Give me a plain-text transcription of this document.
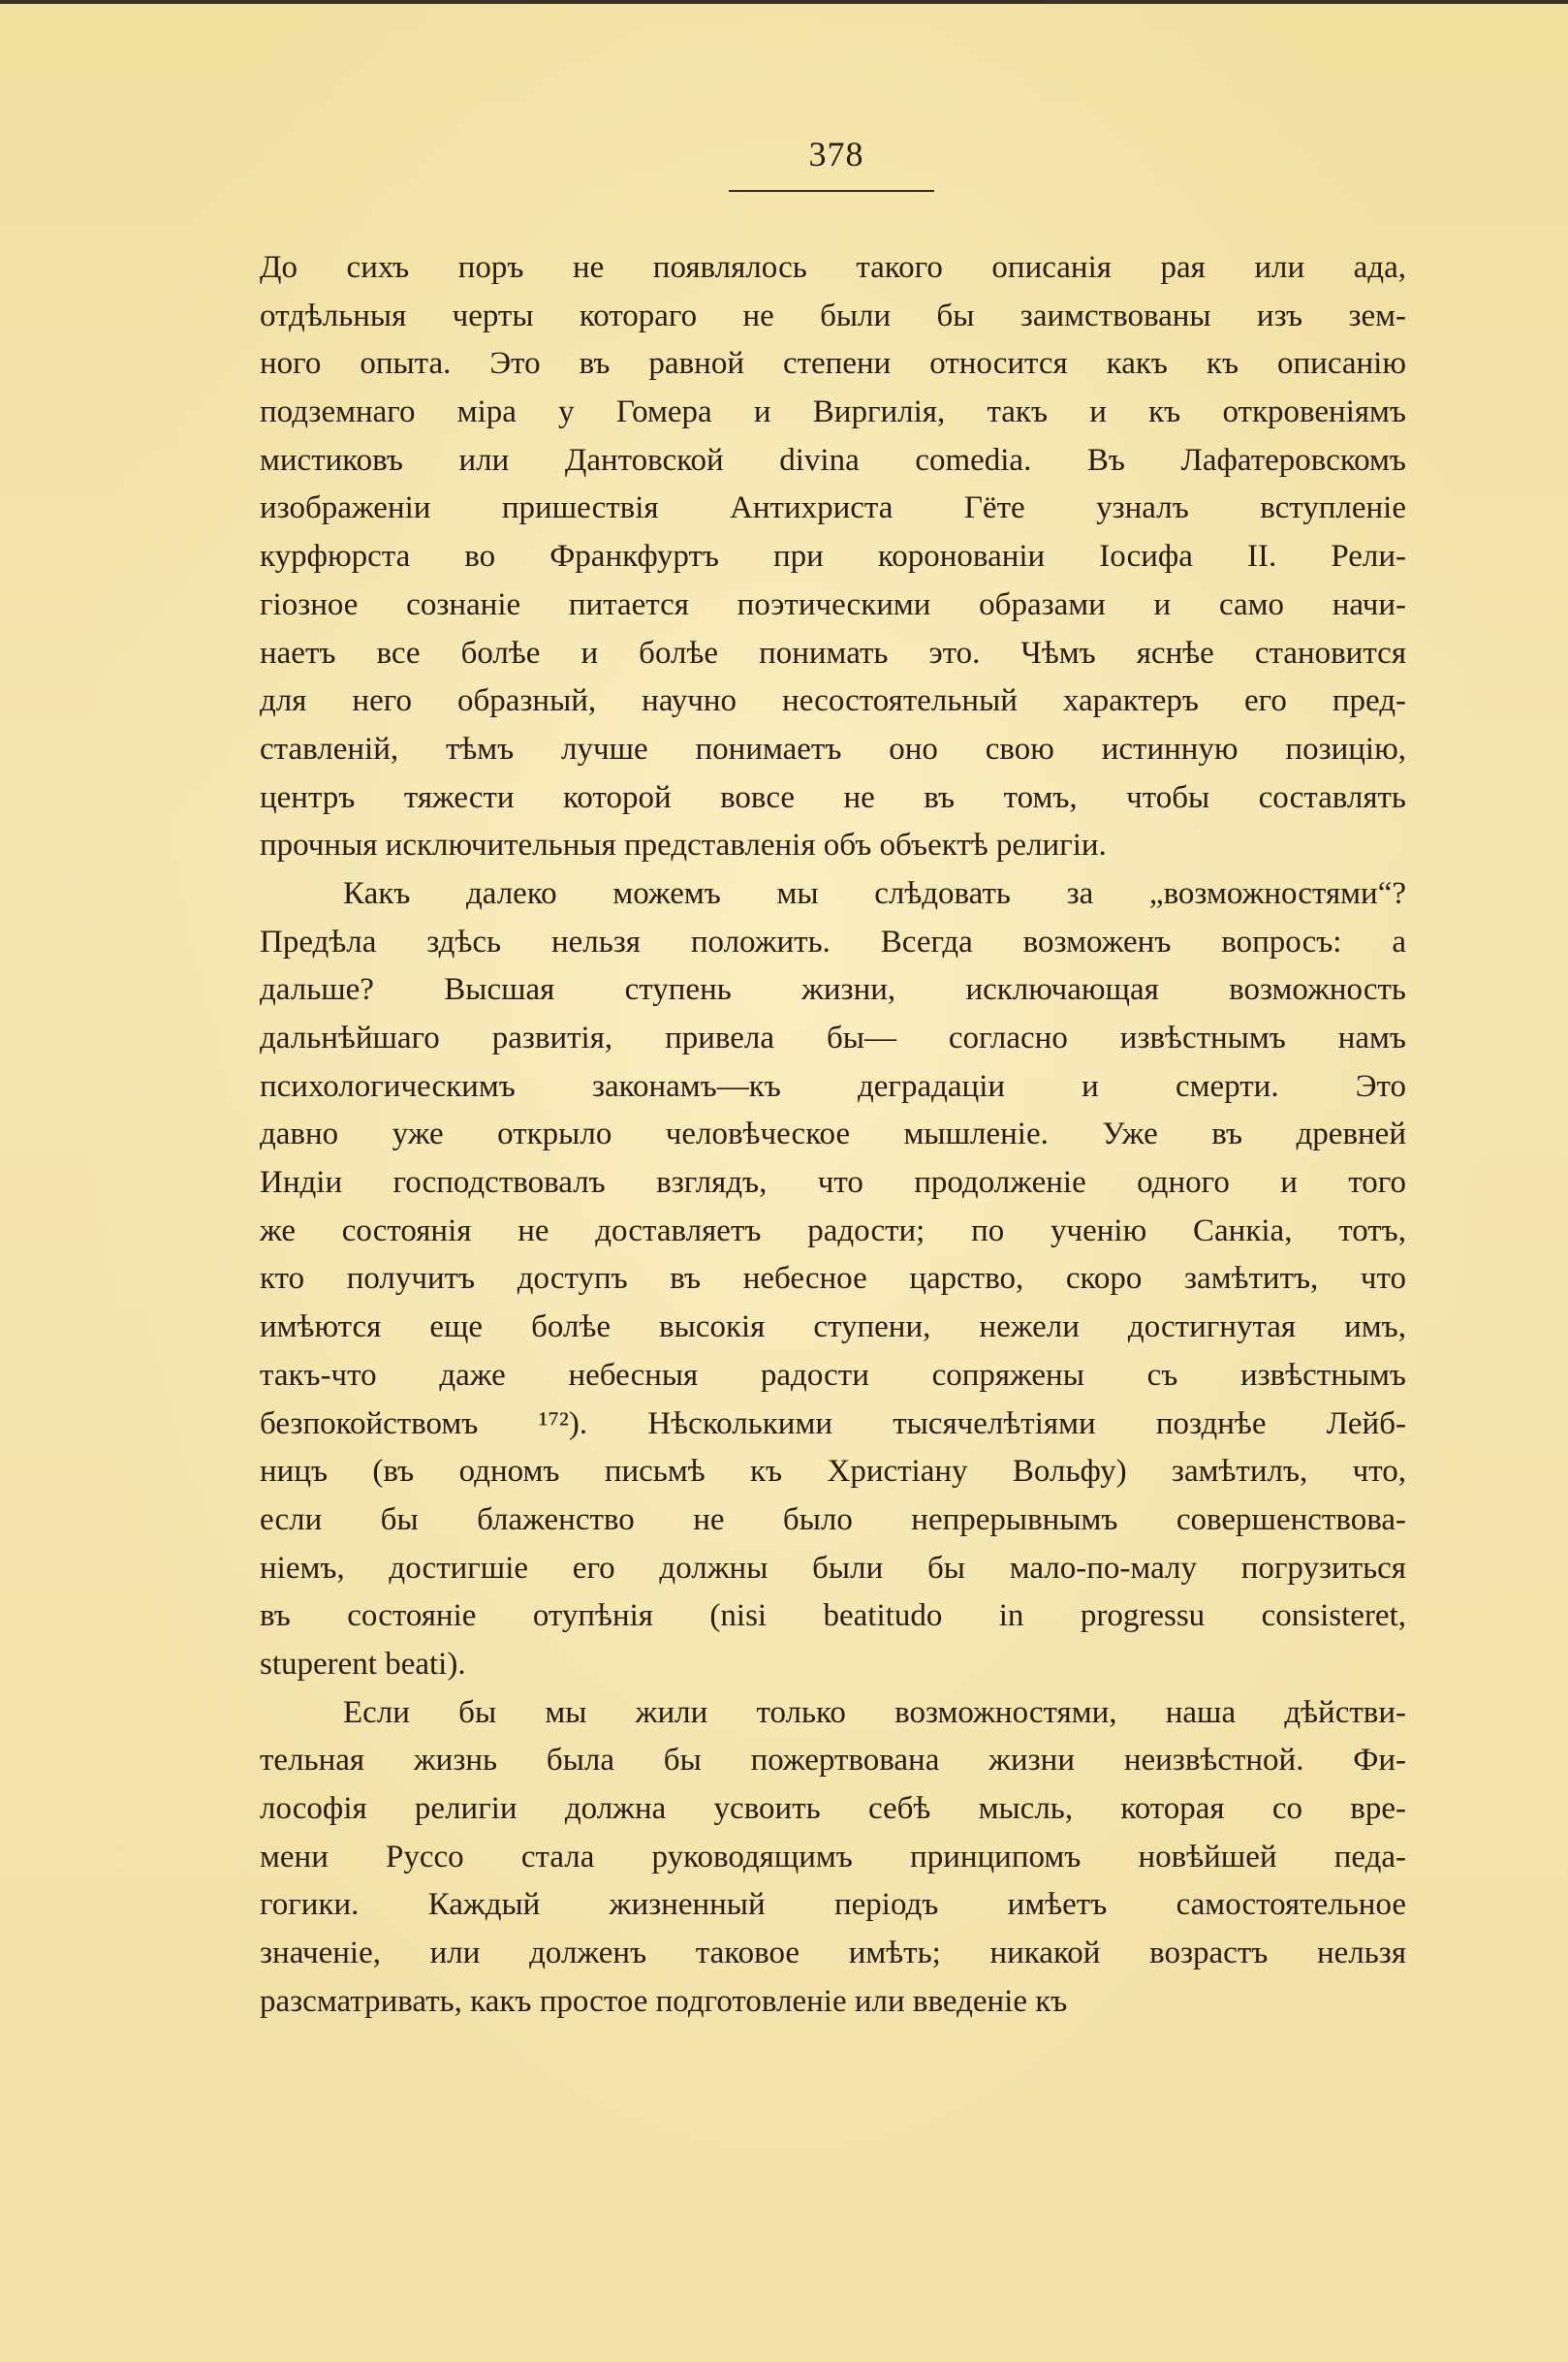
378
До сихъ поръ не появлялось такого описанія рая или ада,
отдѣльныя черты котораго не были бы заимствованы изъ зем-
ного опыта. Это въ равной степени относится какъ къ описанію
подземнаго міра у Гомера и Виргилія, такъ и къ откровеніямъ
мистиковъ или Дантовской divina comedia. Въ Лафатеровскомъ
изображеніи пришествія Антихриста Гёте узналъ вступленіе
курфюрста во Франкфуртъ при коронованіи Іосифа II. Рели-
гіозное сознаніе питается поэтическими образами и само начи-
наетъ все болѣе и болѣе понимать это. Чѣмъ яснѣе становится
для него образный, научно несостоятельный характеръ его пред-
ставленій, тѣмъ лучше понимаетъ оно свою истинную позицію,
центръ тяжести которой вовсе не въ томъ, чтобы составлять
прочныя исключительныя представленія объ объектѣ религіи.
Какъ далеко можемъ мы слѣдовать за „возможностями“?
Предѣла здѣсь нельзя положить. Всегда возможенъ вопросъ: а
дальше? Высшая ступень жизни, исключающая возможность
дальнѣйшаго развитія, привела бы— согласно извѣстнымъ намъ
психологическимъ законамъ—къ деградаціи и смерти. Это
давно уже открыло человѣческое мышленіе. Уже въ древней
Индіи господствовалъ взглядъ, что продолженіе одного и того
же состоянія не доставляетъ радости; по ученію Санкіа, тотъ,
кто получитъ доступъ въ небесное царство, скоро замѣтитъ, что
имѣются еще болѣе высокія ступени, нежели достигнутая имъ,
такъ-что даже небесныя радости сопряжены съ извѣстнымъ
безпокойствомъ ¹⁷²). Нѣсколькими тысячелѣтіями позднѣе Лейб-
ницъ (въ одномъ письмѣ къ Христіану Вольфу) замѣтилъ, что,
если бы блаженство не было непрерывнымъ совершенствова-
ніемъ, достигшіе его должны были бы мало-по-малу погрузиться
въ состояніе отупѣнія (nisi beatitudo in progressu consisteret,
stuperent beati).
Если бы мы жили только возможностями, наша дѣйстви-
тельная жизнь была бы пожертвована жизни неизвѣстной. Фи-
лософія религіи должна усвоить себѣ мысль, которая со вре-
мени Руссо стала руководящимъ принципомъ новѣйшей педа-
гогики. Каждый жизненный періодъ имѣетъ самостоятельное
значеніе, или долженъ таковое имѣть; никакой возрастъ нельзя
разсматривать, какъ простое подготовленіе или введеніе къ
